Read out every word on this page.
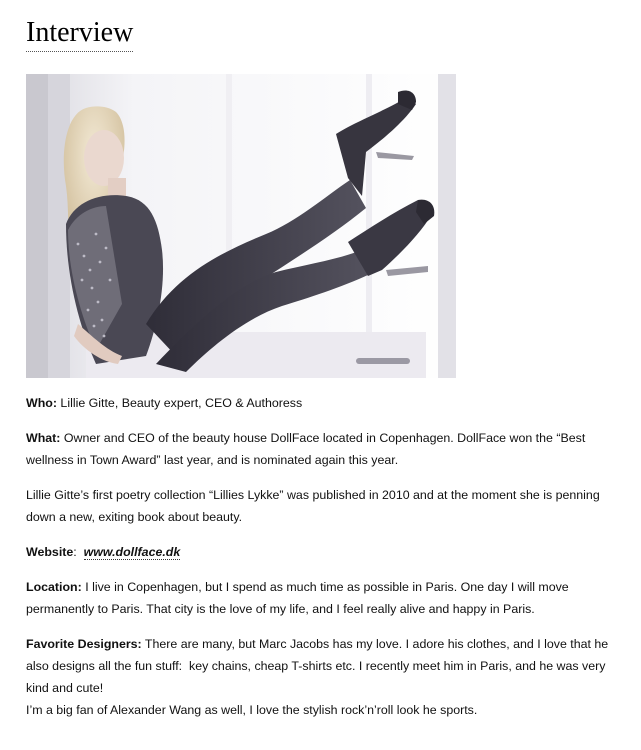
Interview

Who: Lillie Gitte, Beauty expert, CEO & Authoress

What: Owner and CEO of the beauty house DollFace located in Copenhagen. DollFace won the “Best wellness in Town Award” last year, and is nominated again this year.

Lillie Gitte’s first poetry collection “Lillies Lykke” was published in 2010 and at the moment she is penning down a new, exiting book about beauty.

Website: www.dollface.dk

Location: I live in Copenhagen, but I spend as much time as possible in Paris. One day I will move permanently to Paris. That city is the love of my life, and I feel really alive and happy in Paris.

Favorite Designers: There are many, but Marc Jacobs has my love. I adore his clothes, and I love that he also designs all the fun stuff:  key chains, cheap T-shirts etc. I recently meet him in Paris, and he was very kind and cute!
I’m a big fan of Alexander Wang as well, I love the stylish rock’n’roll look he sports.
